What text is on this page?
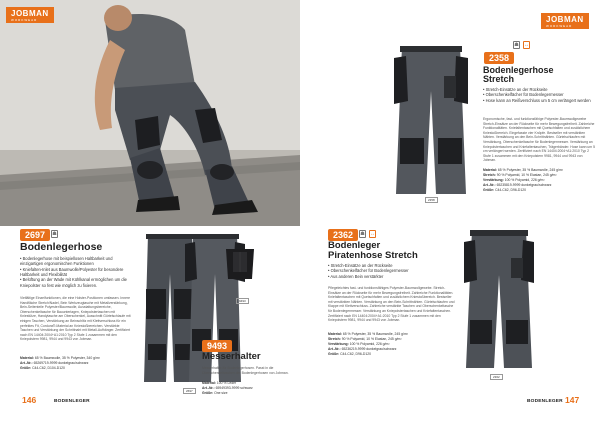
2697	☗
Bodenlegerhose
• Bodenlegerhose mit beispiellosen Haltbarkeit und einzigartigen ergonomischen Funktionen
• Kniefalten-Inlet aus Baumwolle/Polyester für besondere Haltbarkeit und Flexibilität
• Belüftung an der Wade mit Kühlkanal ermöglichen um die Kniepolster so fest wie möglich zu fixieren.
Vielfältige Einzelfunktionen, die eine Holster-Positionen umfassen. Innere Handfläche Stretch/Nadel, Bein Werkzeugtasche mit Metallverstärkung, Bein-Seitenteile Polyester/Baumwolle, Ausstattungsbereiche, Oberschenkeltasche für Bauunterlagen, Kniepolstertaschen mit Kniestütze, Handytasche am Oberschenkel, Ausschnitt Gürtelschlaufe mit einigen Taschen, Verstärkung an Beinschlitz mit Klettverschluss für ein perfektes Fit, Cordura®-Material an Kniestoßbereichen. Verstärkte Taschen und Verstärkung der Schrittnaht mit Metall-Aufhänger. Zertifiziert nach EN 14404:2004+A1:2010 Typ 2 Stufe 1 zusammen mit den Kniepolstern 9981, 9944 und 9943 von Jobman.
Material: 65 % Baumwolle, 35 % Polyester, 340 g/m²
Art.-Nr.: 65269719-9999 dunkelgrau/schwarz
Größe: C44-C62, D104-D120
2697
9493
9493
Messerhalter
Messerhalter für Bodenlegerhosen. Passt in die Oberschenkeltaschen der Bodenlegerhosen von Jobman.
Material: 100 % Leder
Art.-Nr.: 65949393-9999 schwarz
Größe: One size
146	BODENLEGER
JOBMAN
WORKWEAR	JOBMAN
WORKWEAR
2358
2358
☗ ↔
Bodenlegerhose
Stretch
• Stretch-Einsätze an der Rückseite
• Oberschenkelfächer für Bodenlegermesser
• Hose kann an Reißverschluss um 5 cm verlängert werden
Ergonomische, fast- und funktionsfähige Polyester-Baumwollgewebe Stretch-Einsätze an der Rückseite für mehr Bewegungsfreiheit. Zahlreiche Funktionalitäten. Kniefaltentaschen mit Quetschfalten und zusätzlichem Kniestoßbereich. Eingefasste vier Knöpfe. Bestseller mit verstärkten Nähten. Verstärkung an den Bein-Schrittnähten. Gürtelschlaufen mit Verstärkung, Oberschenkeltasche für Bodenlegermesser. Verstärkung an Kniepolstertaschen und Kniefaltentaschen, Trägerbänder. Hose kann um 5 cm verlängert werden. Zertifiziert nach EN 14404:2004+A1:2010 Typ 2 Stufe 1 zusammen mit den Kniepolstern 9981, 9944 und 9943 von Jobman.
Material: 65 % Polyester, 35 % Baumwolle, 245 g/m²
Stretch: 90 % Polyamid, 10 % Elastan, 245 g/m²
Verstärkung: 100 % Polyamid, 226 g/m²
Art.-Nr.: 65235819-9999 dunkelgrau/schwarz
Größe: C44-C62, D96-D120
2362	☗ ↔
Bodenleger
Piratenhose Stretch
• Stretch-Einsätze an der Rückseite
• Oberschenkelfächer für Bodenlegermesser
• Aus anderen Bein verstärkter
Pflegeleichtes fast- und funktionsfähiges Polyester-Baumwollgewebe. Stretch-Einsätze an der Rückseite für mehr Bewegungsfreiheit. Zahlreiche Funktionalitäten. Kniefaltentaschen mit Quetschfalten und zusätzlichem Kniestoßbereich. Bestseller mit verstärkten Nähten. Verstärkung an den Bein-Schrittnähten. Gürtelschlaufen und Klappe mit Klettverschluss. Zahlreiche verstärkte Taschen und Oberschenkeltasche für Bodenlegermesser. Verstärkung an Kniepolstertaschen und Kniefaltentaschen. Zertifiziert nach EN 14404:2004+A1:2010 Typ 2 Stufe 1 zusammen mit den Kniepolstern 9981, 9944 und 9943 von Jobman.
Material: 65 % Polyester, 35 % Baumwolle, 245 g/m²
Stretch: 90 % Polyamid, 10 % Elastan, 245 g/m²
Verstärkung: 100 % Polyamid, 226 g/m²
Art.-Nr.: 65236219-9999 dunkelgrau/schwarz
Größe: C44-C62, D96-D120
2362
BODENLEGER 147
